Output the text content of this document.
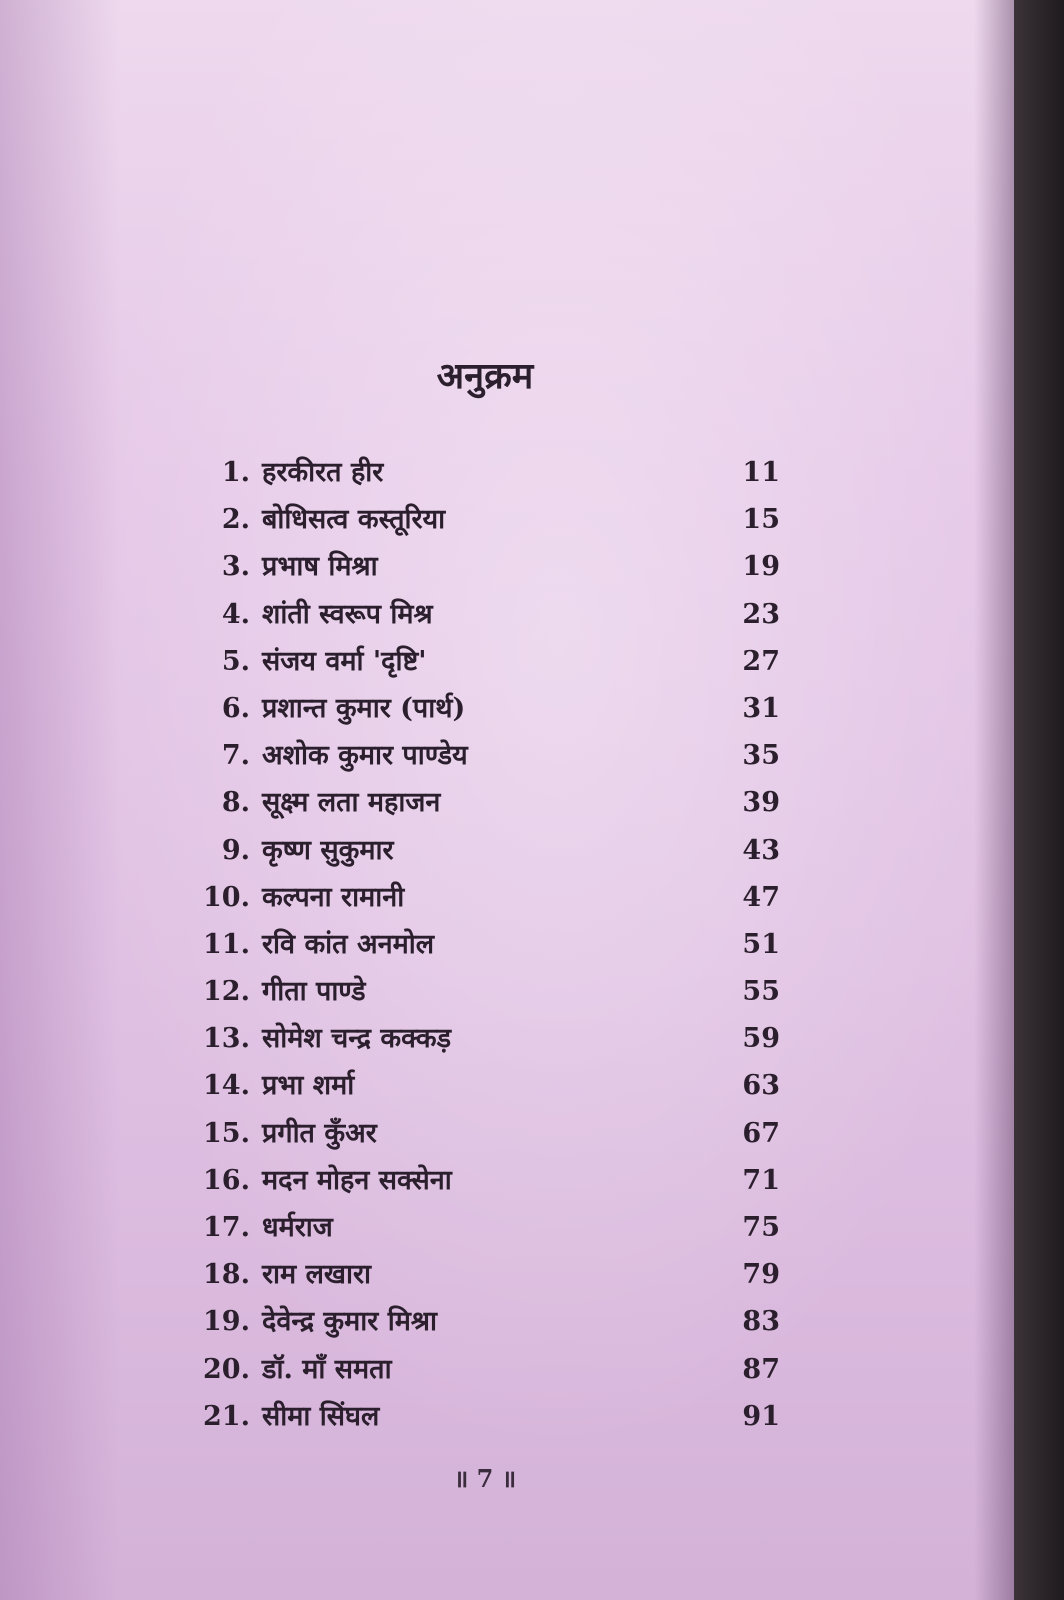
अनुक्रम
1. हरकीरत हीर	11
2. बोधिसत्व कस्तूरिया	15
3. प्रभाष मिश्रा	19
4. शांती स्वरूप मिश्र	23
5. संजय वर्मा 'दृष्टि'	27
6. प्रशान्त कुमार (पार्थ)	31
7. अशोक कुमार पाण्डेय	35
8. सूक्ष्म लता महाजन	39
9. कृष्ण सुकुमार	43
10. कल्पना रामानी	47
11. रवि कांत अनमोल	51
12. गीता पाण्डे	55
13. सोमेश चन्द्र कक्कड़	59
14. प्रभा शर्मा	63
15. प्रगीत कुँअर	67
16. मदन मोहन सक्सेना	71
17. धर्मराज	75
18. राम लखारा	79
19. देवेन्द्र कुमार मिश्रा	83
20. डॉ. माँ समता	87
21. सीमा सिंघल	91
॥ 7 ॥
